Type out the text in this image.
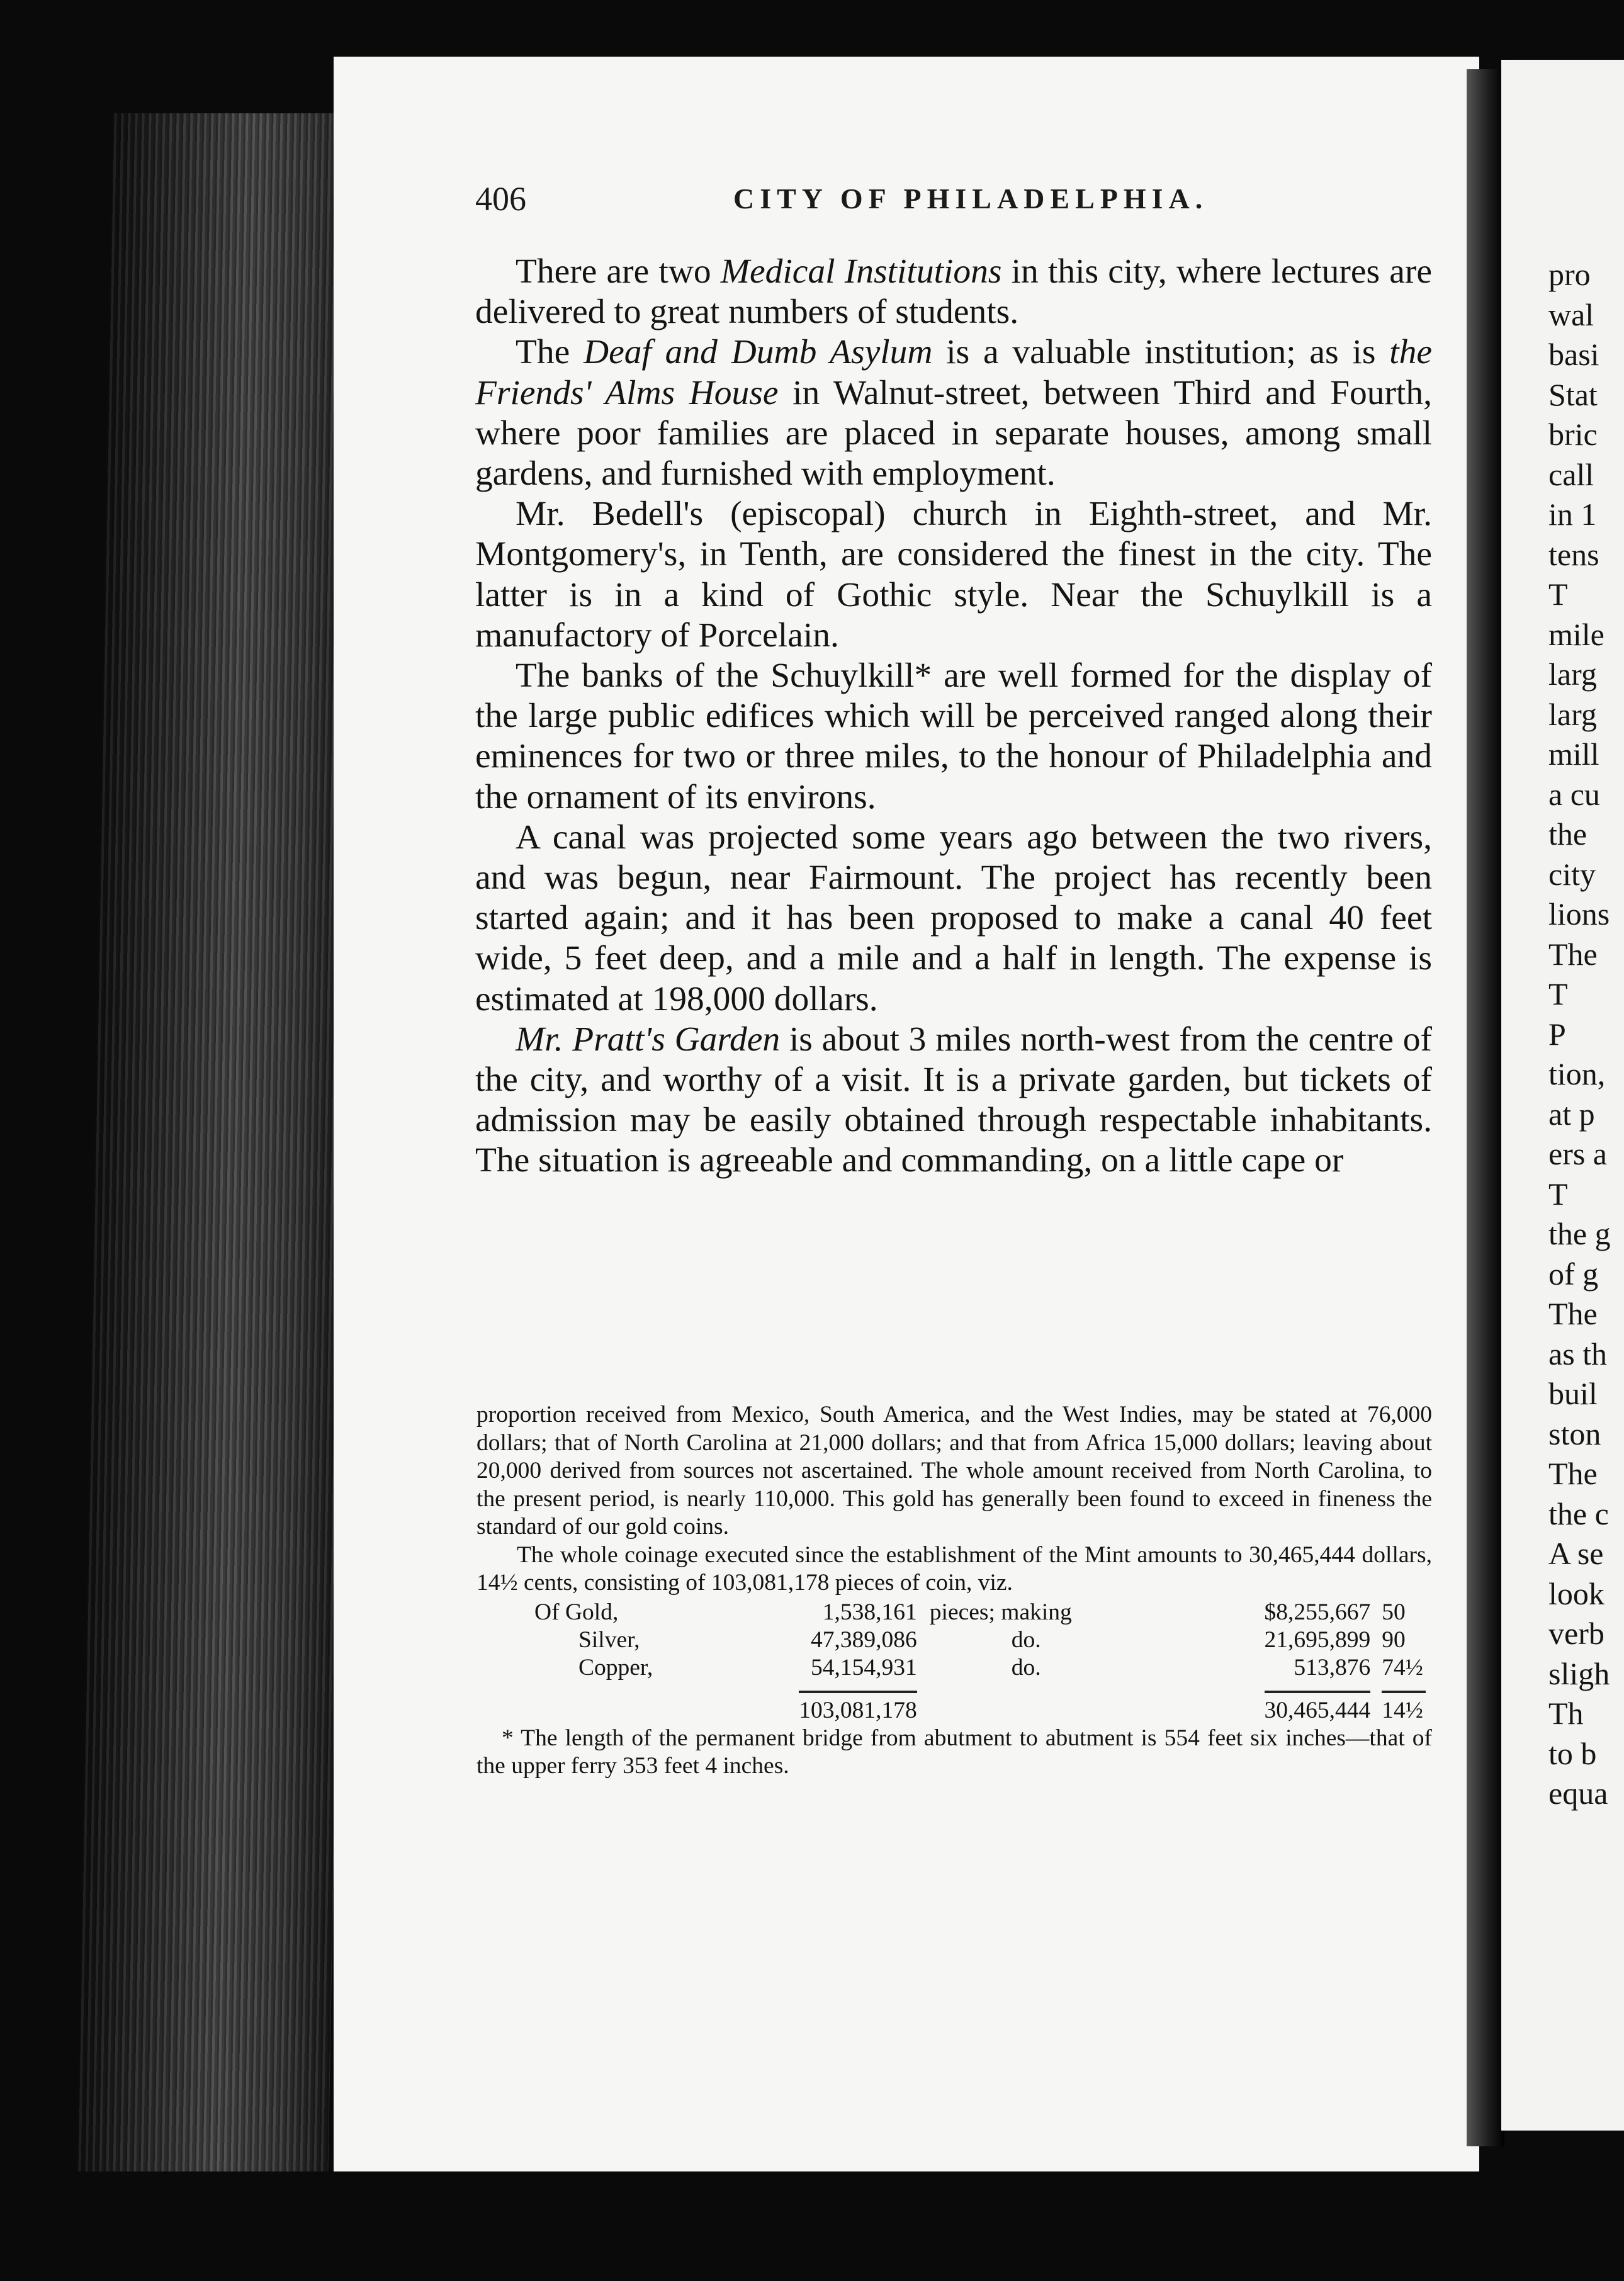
pro
wal
basi
Stat
bric
call
in 1
tens
T
mile
larg
larg
mill
a cu
the
city
lions
The
T
P
tion,
at p
ers a
T
the g
of g
The
as th
buil
ston
The
the c
A se
look
verb
sligh
Th
to b
equa
406	CITY OF PHILADELPHIA.

There are two Medical Institutions in this city, where lectures are delivered to great numbers of students.

The Deaf and Dumb Asylum is a valuable institution; as is the Friends' Alms House in Walnut-street, between Third and Fourth, where poor families are placed in separate houses, among small gardens, and furnished with employment.

Mr. Bedell's (episcopal) church in Eighth-street, and Mr. Montgomery's, in Tenth, are considered the finest in the city. The latter is in a kind of Gothic style. Near the Schuylkill is a manufactory of Porcelain.

The banks of the Schuylkill* are well formed for the display of the large public edifices which will be perceived ranged along their eminences for two or three miles, to the honour of Philadelphia and the ornament of its environs.

A canal was projected some years ago between the two rivers, and was begun, near Fairmount. The project has recently been started again; and it has been proposed to make a canal 40 feet wide, 5 feet deep, and a mile and a half in length. The expense is estimated at 198,000 dollars.

Mr. Pratt's Garden is about 3 miles north-west from the centre of the city, and worthy of a visit. It is a private garden, but tickets of admission may be easily obtained through respectable inhabitants. The situation is agreeable and commanding, on a little cape or

proportion received from Mexico, South America, and the West Indies, may be stated at 76,000 dollars; that of North Carolina at 21,000 dollars; and that from Africa 15,000 dollars; leaving about 20,000 derived from sources not ascertained. The whole amount received from North Carolina, to the present period, is nearly 110,000. This gold has generally been found to exceed in fineness the standard of our gold coins.

The whole coinage executed since the establishment of the Mint amounts to 30,465,444 dollars, 14½ cents, consisting of 103,081,178 pieces of coin, viz.

Of Gold,	1,538,161	pieces; making	$8,255,667	50
Silver,	47,389,086	do.	21,695,899	90
Copper,	54,154,931	do.	513,876	74½

	103,081,178		30,465,444	14½

* The length of the permanent bridge from abutment to abutment is 554 feet six inches—that of the upper ferry 353 feet 4 inches.
